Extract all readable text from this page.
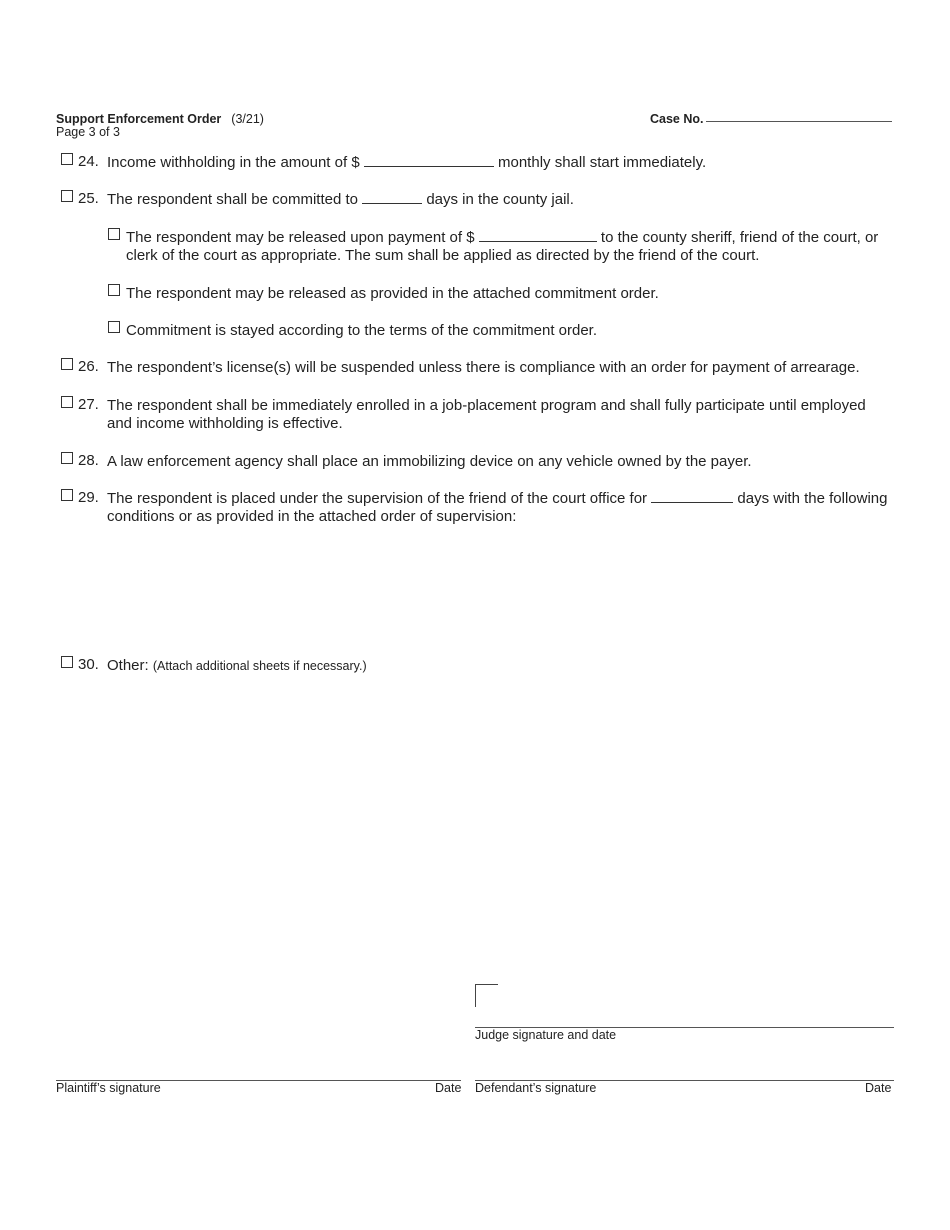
Support Enforcement Order (3/21)
Page 3 of 3
Case No.
24. Income withholding in the amount of $	monthly shall start immediately.
25. The respondent shall be committed to	days in the county jail.
The respondent may be released upon payment of $	to the county sheriff, friend of the court, or
clerk of the court as appropriate. The sum shall be applied as directed by the friend of the court.
The respondent may be released as provided in the attached commitment order.
Commitment is stayed according to the terms of the commitment order.
26. The respondent’s license(s) will be suspended unless there is compliance with an order for payment of arrearage.
27. The respondent shall be immediately enrolled in a job-placement program and shall fully participate until employed
and income withholding is effective.
28. A law enforcement agency shall place an immobilizing device on any vehicle owned by the payer.
29. The respondent is placed under the supervision of the friend of the court office for	days with the following
conditions or as provided in the attached order of supervision:
30. Other: (Attach additional sheets if necessary.)
Judge signature and date
Plaintiff’s signature	Date Defendant’s signature	Date
